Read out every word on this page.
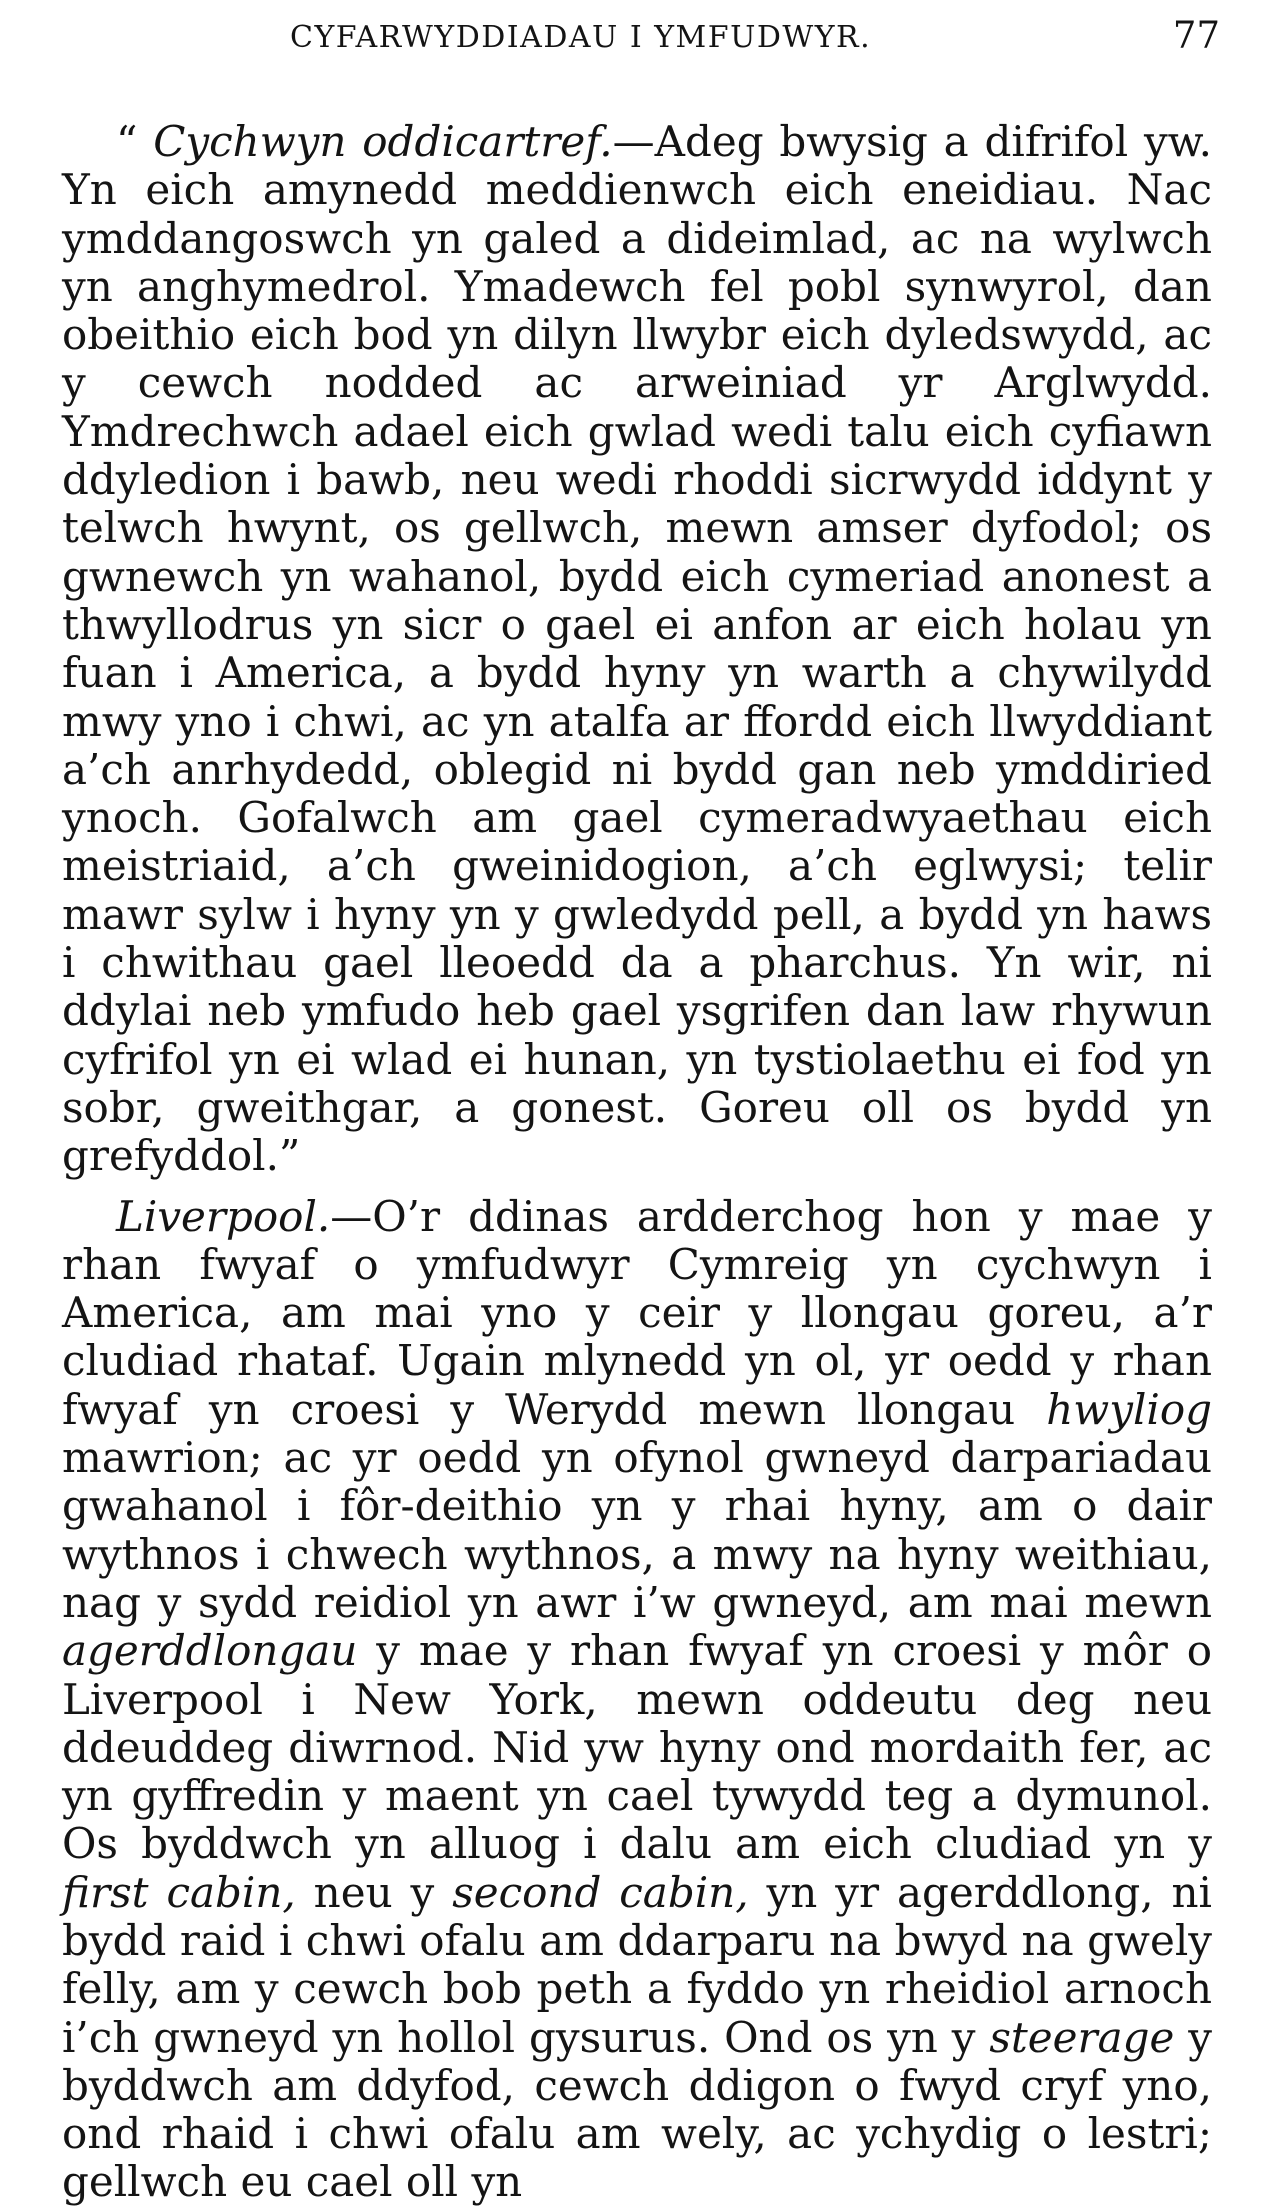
CYFARWYDDIADAU I YMFUDWYR.	77

“ Cychwyn oddicartref.—Adeg bwysig a difrifol yw. Yn eich amynedd meddienwch eich eneidiau. Nac ymddangoswch yn galed a dideimlad, ac na wylwch yn anghymedrol. Ymadewch fel pobl synwyrol, dan obeithio eich bod yn dilyn llwybr eich dyledswydd, ac y cewch nodded ac arweiniad yr Arglwydd. Ymdrechwch adael eich gwlad wedi talu eich cyfiawn ddyledion i bawb, neu wedi rhoddi sicrwydd iddynt y telwch hwynt, os gellwch, mewn amser dyfodol; os gwnewch yn wahanol, bydd eich cymeriad anonest a thwyllodrus yn sicr o gael ei anfon ar eich holau yn fuan i America, a bydd hyny yn warth a chywilydd mwy yno i chwi, ac yn atalfa ar ffordd eich llwyddiant a’ch anrhydedd, oblegid ni bydd gan neb ymddiried ynoch. Gofalwch am gael cymeradwyaethau eich meistriaid, a’ch gweinidogion, a’ch eglwysi; telir mawr sylw i hyny yn y gwledydd pell, a bydd yn haws i chwithau gael lleoedd da a pharchus. Yn wir, ni ddylai neb ymfudo heb gael ysgrifen dan law rhywun cyfrifol yn ei wlad ei hunan, yn tystiolaethu ei fod yn sobr, gweithgar, a gonest. Goreu oll os bydd yn grefyddol.”

Liverpool.—O’r ddinas ardderchog hon y mae y rhan fwyaf o ymfudwyr Cymreig yn cychwyn i America, am mai yno y ceir y llongau goreu, a’r cludiad rhataf. Ugain mlynedd yn ol, yr oedd y rhan fwyaf yn croesi y Werydd mewn llongau hwyliog mawrion; ac yr oedd yn ofynol gwneyd darpariadau gwahanol i fôr-deithio yn y rhai hyny, am o dair wythnos i chwech wythnos, a mwy na hyny weithiau, nag y sydd reidiol yn awr i’w gwneyd, am mai mewn agerddlongau y mae y rhan fwyaf yn croesi y môr o Liverpool i New York, mewn oddeutu deg neu ddeuddeg diwrnod. Nid yw hyny ond mordaith fer, ac yn gyffredin y maent yn cael tywydd teg a dymunol. Os byddwch yn alluog i dalu am eich cludiad yn y first cabin, neu y second cabin, yn yr agerddlong, ni bydd raid i chwi ofalu am ddarparu na bwyd na gwely felly, am y cewch bob peth a fyddo yn rheidiol arnoch i’ch gwneyd yn hollol gysurus. Ond os yn y steerage y byddwch am ddyfod, cewch ddigon o fwyd cryf yno, ond rhaid i chwi ofalu am wely, ac ychydig o lestri; gellwch eu cael oll yn
